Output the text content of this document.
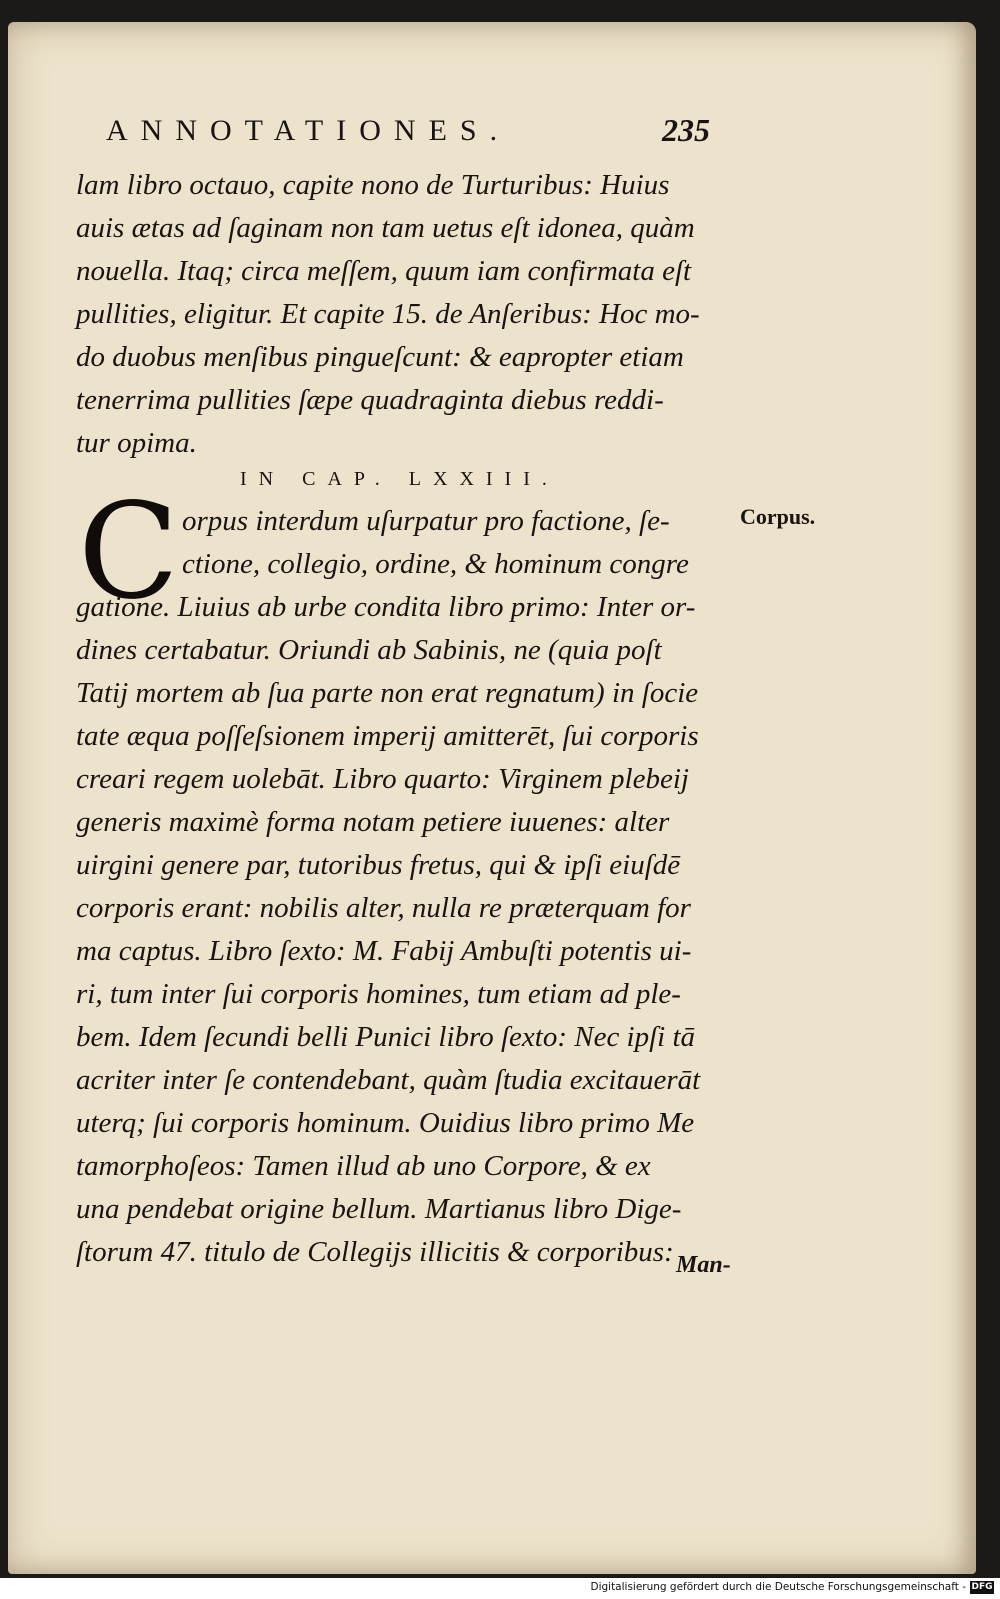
ANNOTATIONES.	235
lam libro octauo, capite nono de Turturibus: Huius
auis ætas ad ſaginam non tam uetus eſt idonea, quàm
nouella. Itaq; circa meſſem, quum iam confirmata eſt
pullities, eligitur. Et capite 15. de Anſeribus: Hoc mo-
do duobus menſibus pingueſcunt: & eapropter etiam
tenerrima pullities ſæpe quadraginta diebus reddi-
tur opima.
IN CAP. LXXIII.
C	Corpus.
orpus interdum uſurpatur pro factione, ſe-
ctione, collegio, ordine, & hominum congre
gatione. Liuius ab urbe condita libro primo: Inter or-
dines certabatur. Oriundi ab Sabinis, ne (quia poſt
Tatij mortem ab ſua parte non erat regnatum) in ſocie
tate æqua poſſeſsionem imperij amitterēt, ſui corporis
creari regem uolebāt. Libro quarto: Virginem plebeij
generis maximè forma notam petiere iuuenes: alter
uirgini genere par, tutoribus fretus, qui & ipſi eiuſdē
corporis erant: nobilis alter, nulla re præterquam for
ma captus. Libro ſexto: M. Fabij Ambuſti potentis ui-
ri, tum inter ſui corporis homines, tum etiam ad ple-
bem. Idem ſecundi belli Punici libro ſexto: Nec ipſi tā
acriter inter ſe contendebant, quàm ſtudia excitauerāt
uterq; ſui corporis hominum. Ouidius libro primo Me
tamorphoſeos: Tamen illud ab uno Corpore, & ex
una pendebat origine bellum. Martianus libro Dige-
ſtorum 47. titulo de Collegijs illicitis & corporibus: Man-
Digitalisierung gefördert durch die Deutsche Forschungsgemeinschaft - DFG
